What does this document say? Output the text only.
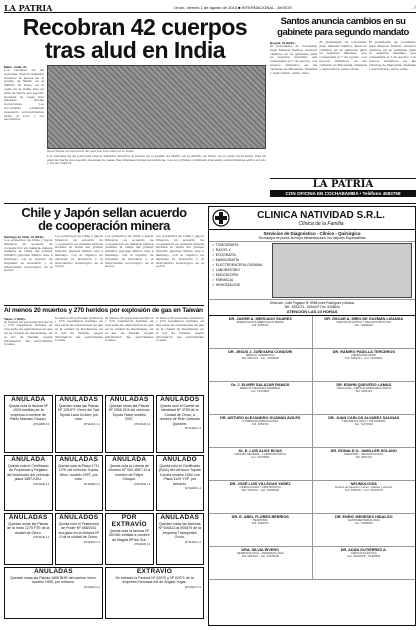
LA PATRIA	Oruro, viernes 1 de agosto de 2014 ■ INTERNACIONAL - AVISOS	7
Recobran 42 cuerpos
tras alud en India
Malin - India, 31 -
Los rescates de 42 personas fueron hallados muertos el jueves en el pueblo de Malin, en el distrito de Pune, en el oeste de la India, tras un alud de tierra que sepultó decenas de casas tras intensas lluvias monzónicas. Los socorristas continúan buscando sobrevivientes entre el lodo y los escombros.
Socorristas recuperaron 42 cuerpos tras alud en la India.
Los rescates de 42 personas fueron hallados muertos el jueves en el pueblo de Malin, en el distrito de Pune, en el oeste de la India, tras un alud de tierra que sepultó decenas de casas tras intensas lluvias monzónicas. Los socorristas continúan buscando sobrevivientes entre el lodo y los escombros.
Santos anuncia cambios en su gabinete para segundo mandato
Bogotá, 31 (EFE).-
El presidente de Colombia, Juan Manuel Santos, anunció cambios en su gabinete para su segundo mandato que comenzará el 7 de agosto, con nuevos ministros en las carteras de Hacienda, Defensa y Agricultura, entre otras.
El presidente de Colombia, Juan Manuel Santos, anunció cambios en su gabinete para su segundo mandato que comenzará el 7 de agosto, con nuevos ministros en las carteras de Hacienda, Defensa y Agricultura, entre otras.
El presidente de Colombia, Juan Manuel Santos, anunció cambios en su gabinete para su segundo mandato que comenzará el 7 de agosto, con nuevos ministros en las carteras de Hacienda, Defensa y Agricultura, entre otras.
LA PATRIA
CON OFICINA EN COCHABAMBA • Teléfono 4583758
Chile y Japón sellan acuerdo
de cooperación minera
Santiago de Chile, 31 (EFE).-
Los gobiernos de Chile y Japón firmaron un acuerdo de cooperación en materia minera durante la visita del primer ministro japonés Shinzo Abe a Santiago, con el objetivo de impulsar la inversión y el intercambio tecnológico en el sector.
Los gobiernos de Chile y Japón firmaron un acuerdo de cooperación en materia minera durante la visita del primer ministro japonés Shinzo Abe a Santiago, con el objetivo de impulsar la inversión y el intercambio tecnológico en el sector.
Los gobiernos de Chile y Japón firmaron un acuerdo de cooperación en materia minera durante la visita del primer ministro japonés Shinzo Abe a Santiago, con el objetivo de impulsar la inversión y el intercambio tecnológico en el sector.
Los gobiernos de Chile y Japón firmaron un acuerdo de cooperación en materia minera durante la visita del primer ministro japonés Shinzo Abe a Santiago, con el objetivo de impulsar la inversión y el intercambio tecnológico en el sector.
Al menos 20 muertos y 270 heridos por explosión de gas en Taiwán
Taipei, 1 (EFE).-
Al menos 20 personas murieron y 270 resultaron heridas en una serie de explosiones de gas en la ciudad de Kaohsiung, en el sur de Taiwán, según informaron las autoridades locales.
Al menos 20 personas murieron y 270 resultaron heridas en una serie de explosiones de gas en la ciudad de Kaohsiung, en el sur de Taiwán, según informaron las autoridades locales.
Al menos 20 personas murieron y 270 resultaron heridas en una serie de explosiones de gas en la ciudad de Kaohsiung, en el sur de Taiwán, según informaron las autoridades locales.
Al menos 20 personas murieron y 270 resultaron heridas en una serie de explosiones de gas en la ciudad de Kaohsiung, en el sur de Taiwán, según informaron las autoridades locales.
ANULADA
Queda nula la factura Nº 1029 emitida por la empresa a nombre de Pablo Mamani Orosco.
(0714098) 0-1
ANULADAS
Quedan nulas las Placas Nº 125-IPY Oruro del Taxi Toyota Land Cruiser, por robo.
(0714121) 1-1
ANULADAS
Quedan nulas las Placas Nº 2906 KFA del vehículo Toyota Hiace modelo 2007.
(0714114) 0-1
ANULADOS
Queda nulo el Carnet de Identidad Nº 4750 de la Ciudad de Oruro, a nombre de Ruth Gallardo Quisbert.
(0714102) 1-1
ANULADA
Queda nula el Certificado de Propiedad y Registro del Automotor del vehículo placa 1587-KDU.
(0714106) 1-1
ANULADAS
Queda nula la Placa 1711 UTE del vehículo Toyota Hilux, modelo 1997, por robo.
(0714099) 1-1
ANULADA
Queda nula la Libreta de Ahorros Nº 304-4587-12 a nombre de Felipe Choque.
(0714103) 1-1
ANULADO
Queda nulo el Certificado (RUA) del vehículo Toyota Corolla modelo 1992 con Placa 1129 YXP, por extravío.
(0714118) 1-1
ANULADAS
Quedan nulas las Placas de la moto 1275 FTE de la ciudad de Oruro.
(0714115) 1-1
ANULADOS
Queda nulo el Testimonio de Poder Nº 458/2011 otorgado en la Notaría Nº 5 de la ciudad de Oruro.
(0714101) 1-1
POR EXTRAVÍO
Queda nula la factura Nº 001961 emitida a nombre de Magda Mª del Sur.
(0714100) 1-1
ANULADAS
Quedan nulas las facturas Nº 000813 al 000870 de la empresa Transportes Oruro.
(0714109) 1-1
ANULADAS
Quedan nulas las Placas 1806 BHR del camión Volvo, modelo 1995, por extravío.
(0714112) 1-1
EXTRAVÍO
Se extravió la Factura Nº 02970 y Nº 02971 de la empresa Farmacia Inti de Ángelo Yugar.
(0714117) 1-1
CLINICA NATIVIDAD S.R.L.
Clínica de la Familia
Servicios de Diagnóstico - Clínico - Quirúrgico
Tecnología de punta, la mejor infraestructura, los mejores Especialistas
✓ TOMOGRAFÍA
✓ RAYOS X
✓ ECOGRAFÍA
✓ MAMOGRAFÍA
✓ ELECTROENCEFALOGRAMA
✓ LABORATORIO
✓ ENDOSCOPÍA
✓ FARMACIA
✓ HEMODIÁLISIS
Dirección: Calle Pagador Nº 5988 entre Rodríguez y Aldana
Telf.: 5254721 - 5254447 Fax: 5255644
ATENCIÓN LAS 24 HORAS
DR. JAVIER A. MERCADO SUAREZ
ESPECIALISTA MEDICINA INTERNA
Telf. 5254721
DR. ÓSCAR A. MIRO DE GUZMÁN LIZANDA
CIRUGÍA PLÁSTICA Y RECONSTRUCTIVA
Cel. 72469200
DR. JESUS J. ZUÑIGARA CONDORI
MÉDICO INTERNISTA
Telf. 5254721 - Cel. 72468300
DR. RAMIRO PADILLA TERCEROS
NEUROCIRUJANO
Telf. 5254721 - Cel. 72478301
Dr. J. ELMER SALAZAR RAMOS
MÉDICO CIRUJANO GENERAL
Cel. 72473901
DR. EDWIN QUEVEDO LAMAS
UROLOGÍA - CIRUGÍA ENDOUROLÓGICA
Telf. 5254721
DR. ARTURO ALEJANDRO GUZMÁN AVILÉS
OTORRINOLARINGOLOGÍA
Telf. 5254721
DR. JUAN CARLOS ALVAREZ SALINAS
TRAUMATOLOGÍA Y ORTOPEDIA
Cel. 72473000
Dr. E. LUIS ALVIZ RIJAS
CIRUGÍA GENERAL - LAPAROSCÓPICA
Cel. 72470500
DR. RONALD G. JAMILLER SOLANO
PEDIATRÍA - NEONATOLOGÍA
Telf. 5254721
DR. JOSÉ LUIS VILLEGAS YAÑEZ
GINECOLOGÍA Y OBSTETRICIA
Telf. 5254721 - Cel. 72468400
NEUMOLOGÍA
Horario de Atención: Lunes - Martes y Viernes
Telf. 5254721 - Cel. 76610375
DR. E. ABEL FLORES BERRIOS
PEDIATRÍA
Telf. 5254721
DR. ENRIC MENESES HIDALGO
GASTROENTEROLOGÍA
Cel. 72456831
DRA. SILVIA RIVERO
DERMATOLOGÍA - VENEREOLOGÍA
Telf. 5254721 - Cel. 72478100
DR. ADÁN GUTIÉRREZ A.
CIRUGÍA PLÁSTICA
Cel. 76610375 - 72468300
